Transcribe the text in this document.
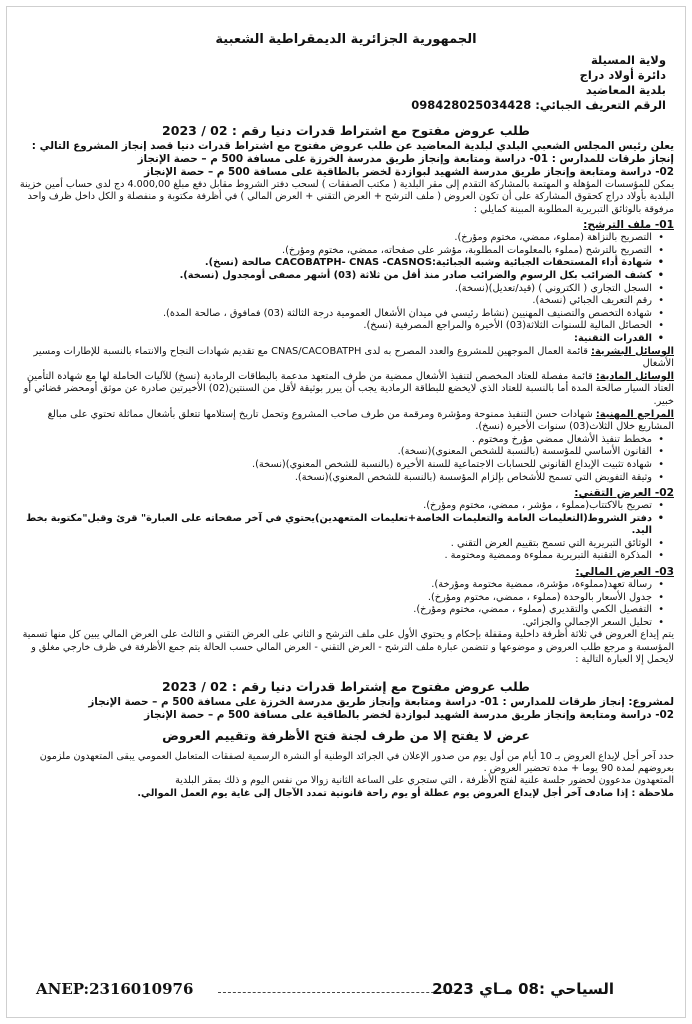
الجمهورية الجزائرية الديمقراطية الشعبية
ولاية المسيلة
دائرة أولاد دراج
بلدية المعاضيد
الرقم التعريف الجبائي: 098428025034428
طلب عروض مفتوح مع اشتراط قدرات دنيا رقم : 02 / 2023

يعلن رئيس المجلس الشعبي البلدي لبلدية المعاضيد عن طلب عروض مفتوح مع اشتراط قدرات دنيا قصد إنجاز المشروع التالي :

إنجاز طرقات للمدارس : 01- دراسة ومتابعة وإنجاز طريق مدرسة الخرزة على مسافة 500 م – حصة الإنجاز

02- دراسة ومتابعة وإنجاز طريق مدرسة الشهيد لبوازدة لخضر بالطاقية على مسافة 500 م – حصة الإنجاز

يمكن للمؤسسات المؤهلة و المهتمة بالمشاركة التقدم إلى مقر البلدية ( مكتب الصفقات ) لسحب دفتر الشروط مقابل دفع مبلغ 4.000,00 دج لدى حساب أمين خزينة البلدية بأولاد دراج كحقوق المشاركة على أن تكون العروض ( ملف الترشح + العرض التقني + العرض المالي ) في أظرفة مكتوبة و منفصلة و الكل داخل ظرف واحد مرفوقة بالوثائق التبريرية المطلوبة المبينة كمايلي :

01- ملف الترشح:
• التصريح بالنزاهة (مملوء، ممضي، مختوم ومؤرخ).
• التصريح بالترشح (مملوء بالمعلومات المطلوبة، مؤشر على صفحاته، ممضي، مختوم ومؤرخ).
• شهادة أداء المستحقات الجبائية وشبه الجبائية:CACOBATPH- CNAS -CASNOS صالحة (نسخ).
• كشف الضرائب بكل الرسوم والضرائب صادر منذ أقل من ثلاثة (03) أشهر مصفى أومجدول (نسخة).
• السجل التجاري ( الكتروني ) (قيد/تعديل)(نسخة).
• رقم التعريف الجبائي (نسخة).
• شهادة التخصص والتصنيف المهنيين (نشاط رئيسي في ميدان الأشغال العمومية درجة الثالثة (03) فمافوق ، صالحة المدة).
• الحصائل المالية للسنوات الثلاثة(03) الأخيرة والمراجع المصرفية (نسخ).
• القدرات التقنية:

الوسائل البشرية: قائمة العمال الموجهين للمشروع والعدد المصرح به لدى CNAS/CACOBATPH مع تقديم شهادات النجاح والانتماء بالنسبة للإطارات ومسير الأشغال

الوسائل المادية: قائمة مفصلة للعتاد المخصص لتنفيذ الأشغال ممضية من طرف المتعهد مدعمة بالبطاقات الرمادية (نسخ) للآليات الحاملة لها مع شهادة التأمين العتاد السيار صالحة المدة أما بالنسبة للعتاد الذي لايخضع للبطاقة الرمادية يجب أن يبرر بوثيقة لأقل من السنتين(02) الأخيرتين صادرة عن موثق أومحضر قضائي أو خبير.

المراجع المهنية: شهادات حسن التنفيذ ممنوحة ومؤشرة ومرقمة من طرف صاحب المشروع وتحمل تاريخ إستلامها تتعلق بأشغال مماثلة تحتوي على مبالغ المشاريع خلال الثلاث(03) سنوات الأخيرة (نسخ).

• مخطط تنفيذ الأشغال ممضي مؤرخ ومختوم .
• القانون الأساسي للمؤسسة (بالنسبة للشخص المعنوي)(نسخة).
• شهادة تثبيت الإيداع القانوني للحسابات الاجتماعية للسنة الأخيرة (بالنسبة للشخص المعنوي)(نسخة).
• وثيقة التفويض التي تسمح للأشخاص بإلزام المؤسسة (بالنسبة للشخص المعنوي)(نسخة).
02- العرض التقني:
• تصريح بالاكتتاب(مملوء ، مؤشر ، ممضي، مختوم ومؤرخ).
• دفتر الشروط(التعليمات العامة والتعليمات الخاصة+تعليمات المتعهدين)يحتوي في آخر صفحاته على العبارة" قرئ وقبل"مكتوبة بخط اليد.
• الوثائق التبريرية التي تسمح بتقييم العرض التقني .
• المذكرة التقنية التبريرية مملوءة وممضية ومختومة .
03- العرض المالي:
• رسالة تعهد(مملوءة، مؤشرة، ممضية مختومة ومؤرخة).
• جدول الأسعار بالوحدة (مملوء ، ممضي، مختوم ومؤرخ).
• التفصيل الكمي والتقديري (مملوء ، ممضي، مختوم ومؤرخ).
• تحليل السعر الإجمالي والجزائي.

يتم إيداع العروض في ثلاثة أظرفة داخلية ومقفلة بإحكام و يحتوي الأول على ملف الترشح و الثاني على العرض التقني و الثالث على العرض المالي يبين كل منها تسمية المؤسسة و مرجع طلب العروض و موضوعها و تتضمن عبارة ملف الترشح - العرض التقني - العرض المالي حسب الحالة يتم جمع الأظرفة في ظرف خارجي مغلق و لايحمل إلا العبارة التالية :

طلب عروض مفتوح مع إشتراط قدرات دنيا رقم : 02 / 2023

لمشروع: إنجاز طرقات للمدارس : 01- دراسة ومتابعة وإنجاز طريق مدرسة الخرزة على مسافة 500 م – حصة الإنجاز

02- دراسة ومتابعة وإنجاز طريق مدرسة الشهيد لبوازدة لخضر بالطاقية على مسافة 500 م – حصة الإنجاز

عرض لا يفتح إلا من طرف لجنة فتح الأظرفة وتقييم العروض

حدد آخر أجل لإيداع العروض بـ 10 أيام من أول يوم من صدور الإعلان في الجرائد الوطنية أو النشرة الرسمية لصفقات المتعامل العمومي يبقى المتعهدون ملزمون بعروضهم لمدة 90 يوما + مدة تحضير العروض .

المتعهدون مدعوون لحضور جلسة علنية لفتح الأظرفة ، التي ستجري على الساعة الثانية زوالا من نفس اليوم و ذلك بمقر البلدية

ملاحظة : إذا صادف آخر أجل لإيداع العروض يوم عطلة أو يوم راحة قانونية تمدد الآجال إلى غاية يوم العمل الموالي.

ANEP:2316010976	السياحي :08 مـاي 2023
